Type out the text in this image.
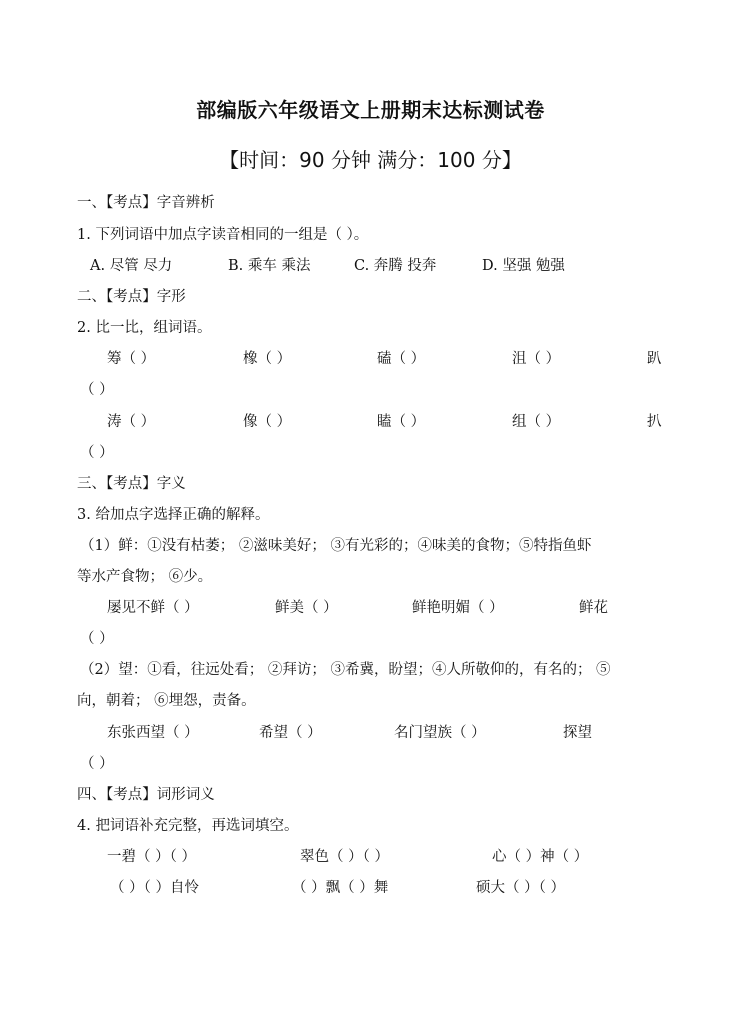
部编版六年级语文上册期末达标测试卷
【时间：90 分钟 满分：100 分】
一、【考点】字音辨析
1. 下列词语中加点字读音相同的一组是（ ）。
A. 尽管 尽力	B. 乘车 乘法	C. 奔腾 投奔	D. 坚强 勉强
二、【考点】字形
2. 比一比，组词语。
筹（ ）	橡（ ）	磕（ ）	沮（ ）	趴
（ ）
涛（ ）	像（ ）	瞌（ ）	组（ ）	扒
（ ）
三、【考点】字义
3. 给加点字选择正确的解释。
（1）鲜：①没有枯萎； ②滋味美好； ③有光彩的；④味美的食物；⑤特指鱼虾
等水产食物； ⑥少。
屡见不鲜（ ）	鲜美（ ）	鲜艳明媚（ ）	鲜花
（ ）
（2）望：①看，往远处看； ②拜访； ③希冀，盼望；④人所敬仰的，有名的； ⑤
向，朝着； ⑥埋怨，责备。
东张西望（ ）	希望（ ）	名门望族（ ）	探望
（ ）
四、【考点】词形词义
4. 把词语补充完整，再选词填空。
一碧（ ）（ ）	翠色（ ）（ ）	心（ ）神（ ）
（ ）（ ）自怜	（ ）飘（ ）舞	硕大（ ）（ ）
